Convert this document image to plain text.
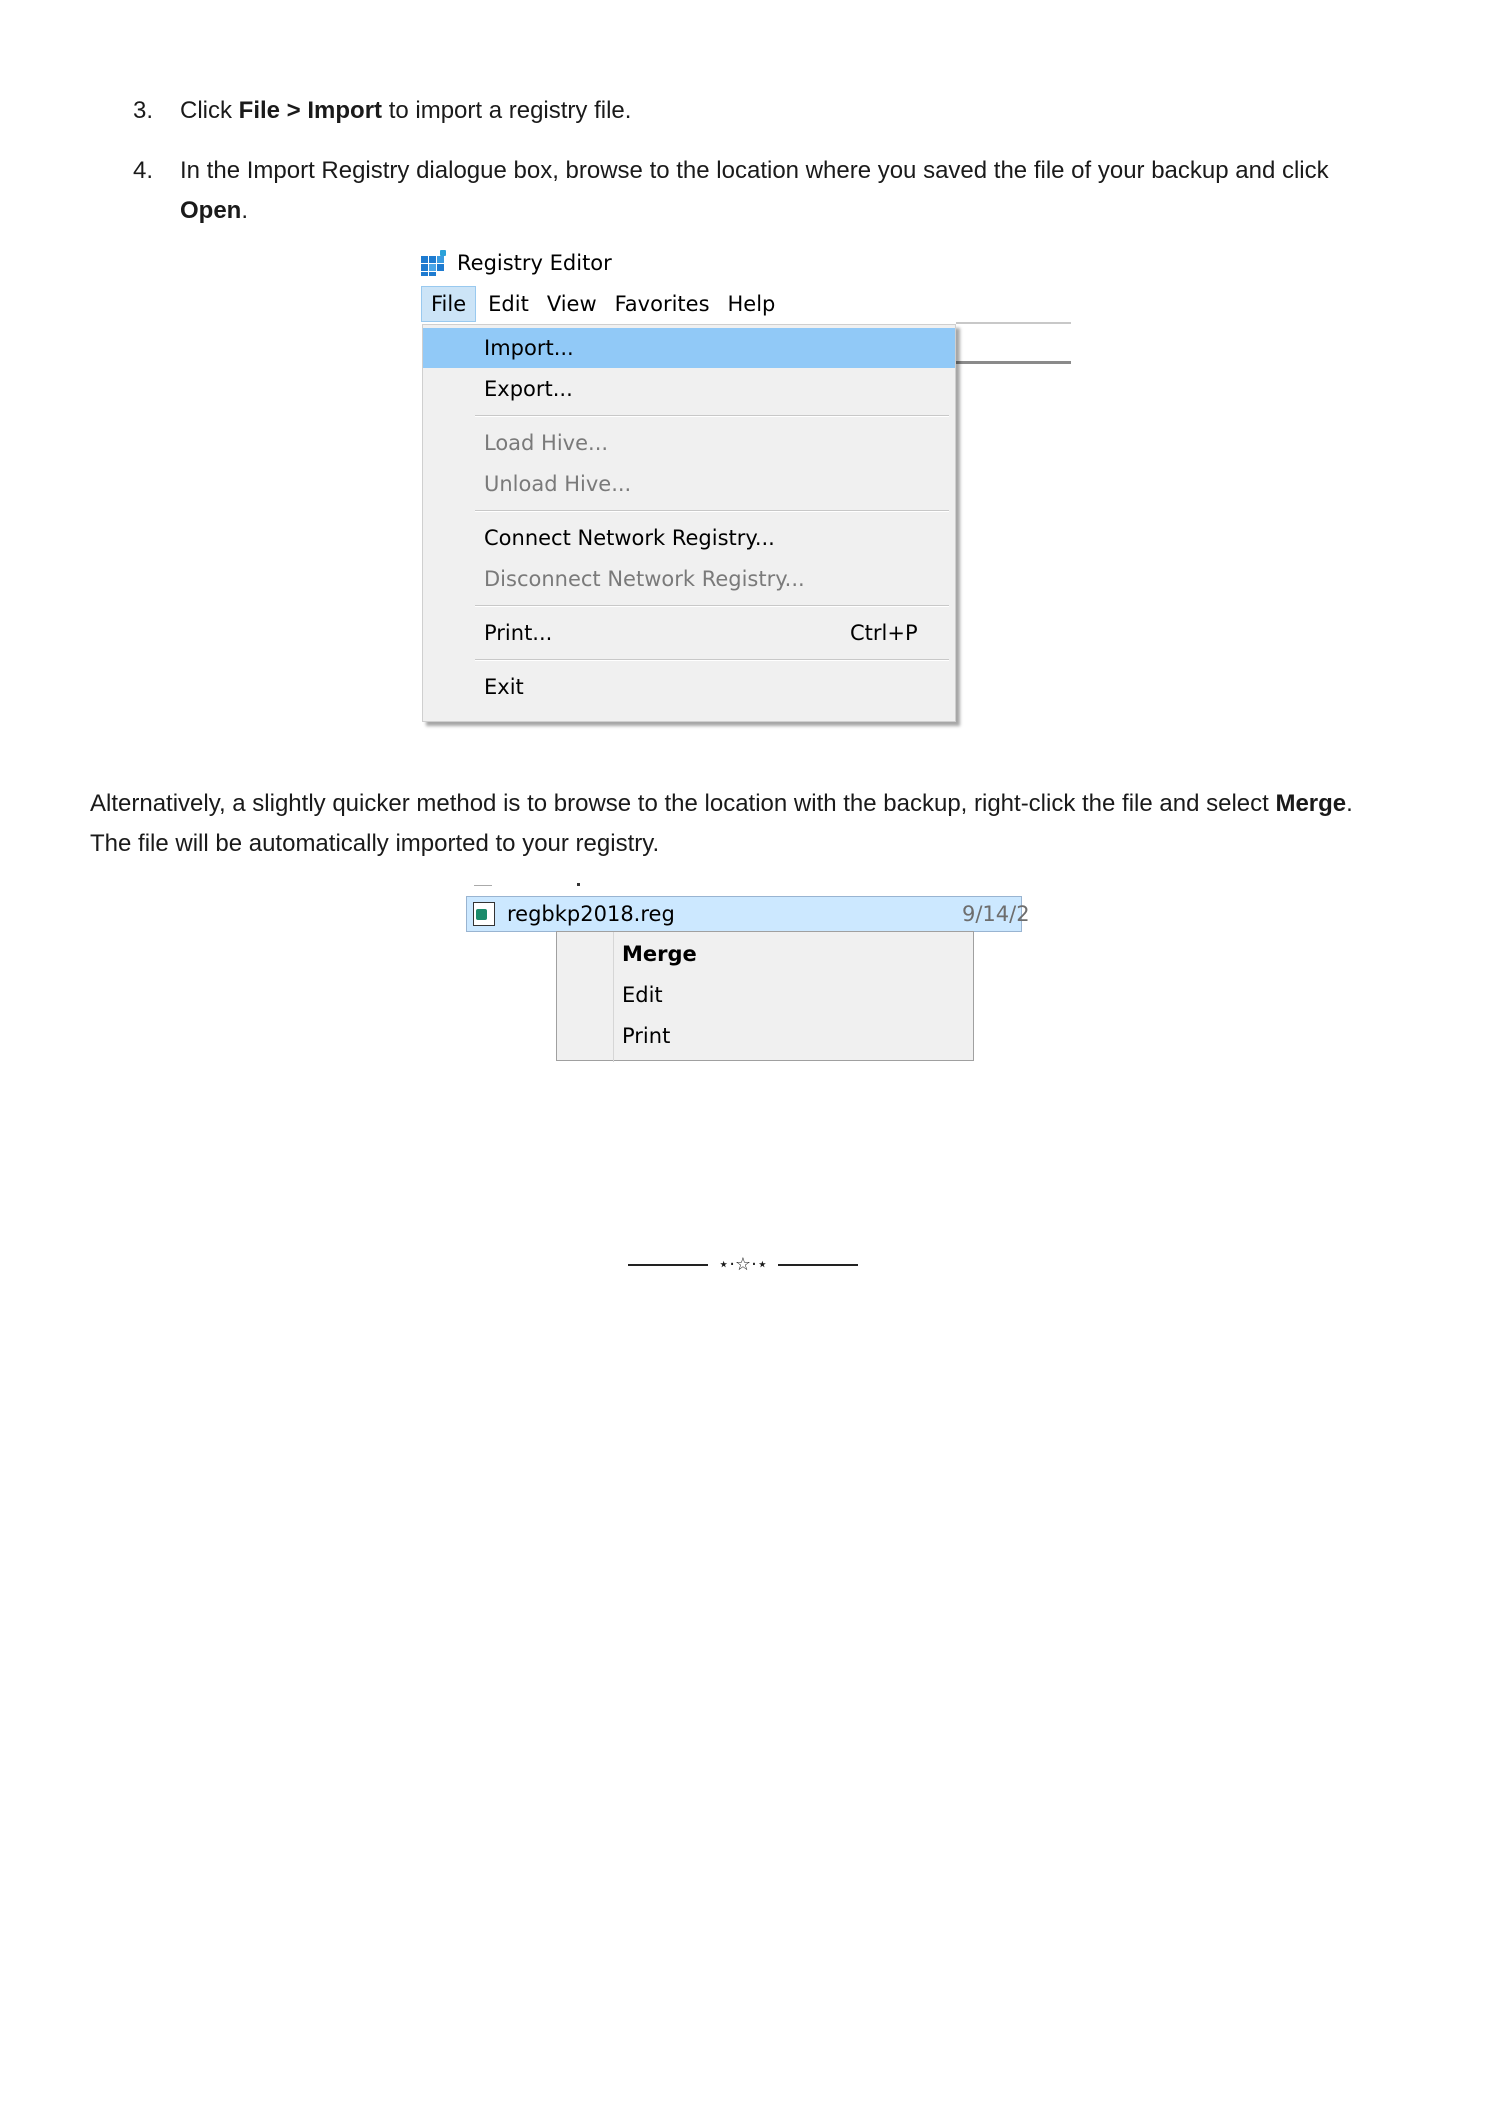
3.	Click File > Import to import a registry file.
4.	In the Import Registry dialogue box, browse to the location where you saved the file of your backup and click Open.
Registry Editor
File	Edit View Favorites Help
Import...
Export...
Load Hive...
Unload Hive...
Connect Network Registry...
Disconnect Network Registry...
Print...	Ctrl+P
Exit
Alternatively, a slightly quicker method is to browse to the location with the backup, right-click the file and select Merge. The file will be automatically imported to your registry.
regbkp2018.reg	9/14/2
Merge
Edit
Print
⋆·☆·⋆
